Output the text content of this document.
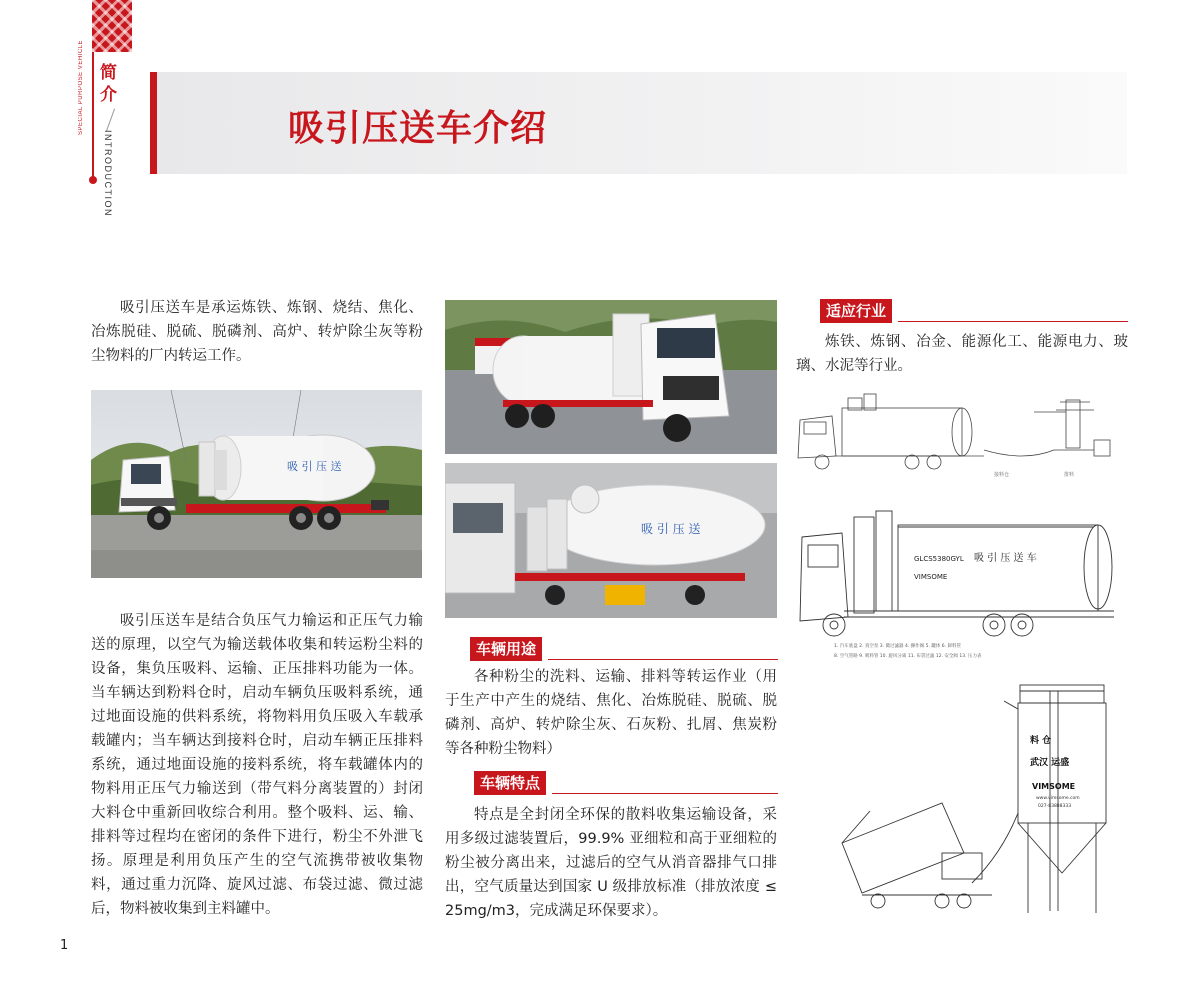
SPECIAL PURPOSE VEHICLE 简介
INTRODUCTION
吸引压送车介绍
吸引压送车是承运炼铁、炼钢、烧结、焦化、冶炼脱硅、脱硫、脱磷剂、高炉、转炉除尘灰等粉尘物料的厂内转运工作。
吸 引 压 送
吸引压送车是结合负压气力输运和正压气力输送的原理，以空气为输送载体收集和转运粉尘料的设备，集负压吸料、运输、正压排料功能为一体。当车辆达到粉料仓时，启动车辆负压吸料系统，通过地面设施的供料系统，将物料用负压吸入车载承载罐内；当车辆达到接料仓时，启动车辆正压排料系统，通过地面设施的接料系统，将车载罐体内的物料用正压气力输送到（带气料分离装置的）封闭大料仓中重新回收综合利用。整个吸料、运、输、排料等过程均在密闭的条件下进行，粉尘不外泄飞扬。原理是利用负压产生的空气流携带被收集物料，通过重力沉降、旋风过滤、布袋过滤、微过滤后，物料被收集到主料罐中。
吸 引 压 送
车辆用途
各种粉尘的洗料、运输、排料等转运作业（用于生产中产生的烧结、焦化、冶炼脱硅、脱硫、脱磷剂、高炉、转炉除尘灰、石灰粉、扎屑、焦炭粉等各种粉尘物料）
车辆特点
特点是全封闭全环保的散料收集运输设备，采用多级过滤装置后，99.9% 亚细粒和高于亚细粒的粉尘被分离出来，过滤后的空气从消音器排气口排出，空气质量达到国家 U 级排放标准（排放浓度 ≤ 25mg/m3，完成满足环保要求）。
适应行业
炼铁、炼钢、冶金、能源化工、能源电力、玻璃、水泥等行业。
接料仓	排料
GLCS5380GYL 吸 引 压 送 车
VIMSOME
1. 汽车底盘 2. 真空泵 3. 微过滤器 4. 操作阀 5. 罐体 6. 卸料管
8. 空气管路 9. 吸料管 10. 旋风分离 11. 布袋过滤 12. 安全阀 13. 压力表
料 仓
武汉 运盛
VIMSOME
www.vimsome.com
027-83888333
1
